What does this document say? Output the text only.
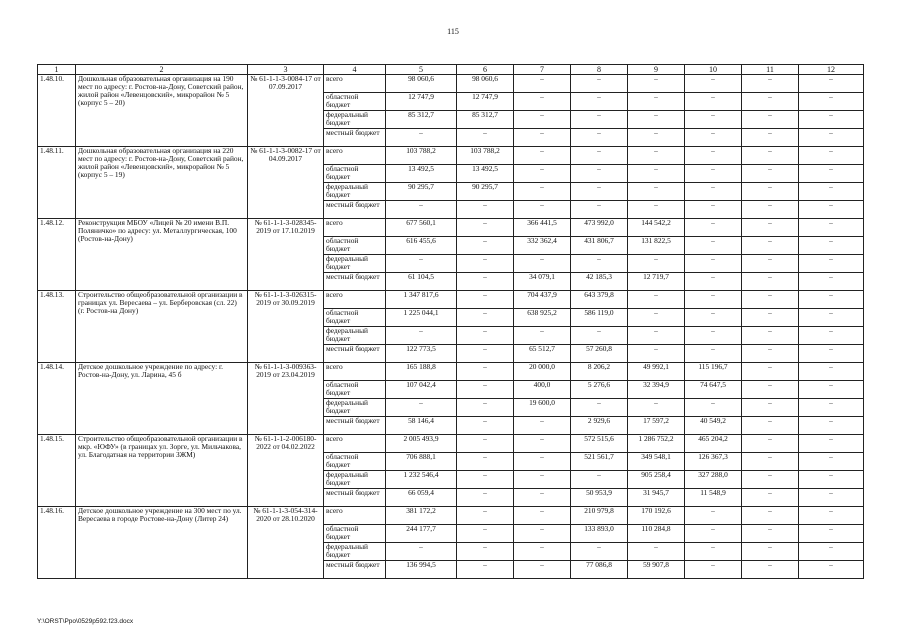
115
1	2	3	4	5	6	7	8	9	10	11	12
1.48.10.	Дошкольная образовательная организация на 190 мест по адресу: г. Ростов-на-Дону, Советский район, жилой район «Левенцовский», микрорайон № 5 (корпус 5 – 20)	№ 61-1-1-3-0084-17 от 07.09.2017	всего	98 060,6	98 060,6	–	–	–	–	–	–
			областной бюджет	12 747,9	12 747,9	–	–	–	–	–	–
			федеральный бюджет	85 312,7	85 312,7	–	–	–	–	–	–
			местный бюджет	–	–	–	–	–	–	–	–
1.48.11.	Дошкольная образовательная организация на 220 мест по адресу: г. Ростов-на-Дону, Советский район, жилой район «Левенцовский», микрорайон № 5 (корпус 5 – 19)	№ 61-1-1-3-0082-17 от 04.09.2017	всего	103 788,2	103 788,2	–	–	–	–	–	–
			областной бюджет	13 492,5	13 492,5	–	–	–	–	–	–
			федеральный бюджет	90 295,7	90 295,7	–	–	–	–	–	–
			местный бюджет	–	–	–	–	–	–	–	–
1.48.12.	Реконструкция МБОУ «Лицей № 20 имени В.П. Поляничко» по адресу: ул. Металлургическая, 100 (Ростов-на-Дону)	№ 61-1-1-3-028345-2019 от 17.10.2019	всего	677 560,1	–	366 441,5	473 992,0	144 542,2	–	–	–
			областной бюджет	616 455,6	–	332 362,4	431 806,7	131 822,5	–	–	–
			федеральный бюджет	–	–	–	–	–	–	–	–
			местный бюджет	61 104,5	–	34 079,1	42 185,3	12 719,7	–	–	–
1.48.13.	Строительство общеобразовательной организации в границах ул. Вересаева – ул. Берберовская (сл. 22) (г. Ростов-на Дону)	№ 61-1-1-3-026315-2019 от 30.09.2019	всего	1 347 817,6	–	704 437,9	643 379,8	–	–	–	–
			областной бюджет	1 225 044,1	–	638 925,2	586 119,0	–	–	–	–
			федеральный бюджет	–	–	–	–	–	–	–	–
			местный бюджет	122 773,5	–	65 512,7	57 260,8	–	–	–	–
1.48.14.	Детское дошкольное учреждение по адресу: г. Ростов-на-Дону, ул. Ларина, 45 б	№ 61-1-1-3-009363-2019 от 23.04.2019	всего	165 188,8	–	20 000,0	8 206,2	49 992,1	115 196,7	–	–
			областной бюджет	107 042,4	–	400,0	5 276,6	32 394,9	74 647,5	–	–
			федеральный бюджет	–	–	19 600,0	–	–	–	–	–
			местный бюджет	58 146,4	–	–	2 929,6	17 597,2	40 549,2	–	–
1.48.15.	Строительство общеобразовательной организации в мкр. «ЮФУ» (в границах ул. Зорге, ул. Мильчакова, ул. Благодатная на территории ЗЖМ)	№ 61-1-1-2-006180-2022 от 04.02.2022	всего	2 005 493,9	–	–	572 515,6	1 286 752,2	465 204,2	–	–
			областной бюджет	706 888,1	–	–	521 561,7	349 548,1	126 367,3	–	–
			федеральный бюджет	1 232 546,4	–	–	–	905 258,4	327 288,0	–	–
			местный бюджет	66 059,4	–	–	50 953,9	31 945,7	11 548,9	–	–
1.48.16.	Детское дошкольное учреждение на 300 мест по ул. Вересаева в городе Ростове-на-Дону (Литер 24)	№ 61-1-1-3-054-314-2020 от 28.10.2020	всего	381 172,2	–	–	210 979,8	170 192,6	–	–	–
			областной бюджет	244 177,7	–	–	133 893,0	110 284,8	–	–	–
			федеральный бюджет	–	–	–	–	–	–	–	–
			местный бюджет	136 994,5	–	–	77 086,8	59 907,8	–	–	–
Y:\ORST\Ppo\0529p592.f23.docx
